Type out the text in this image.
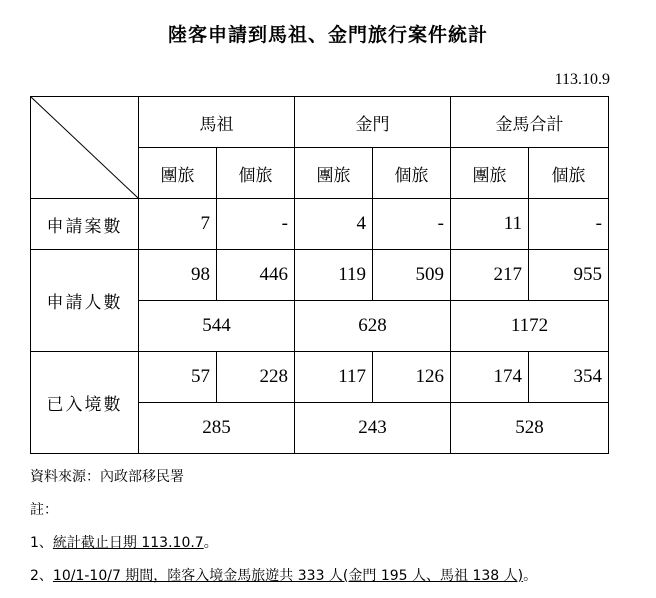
陸客申請到馬祖、金門旅行案件統計
113.10.9
	馬祖		金門		金馬合計	
	團旅	個旅	團旅	個旅	團旅	個旅
申請案數	7	-	4	-	11	-
申請人數	98	446	119	509	217	955
	544		628		1172	
已入境數	57	228	117	126	174	354
	285		243		528	
資料來源：內政部移民署
註：
1、統計截止日期 113.10.7。
2、10/1-10/7 期間，陸客入境金馬旅遊共 333 人(金門 195 人、馬祖 138 人)。
